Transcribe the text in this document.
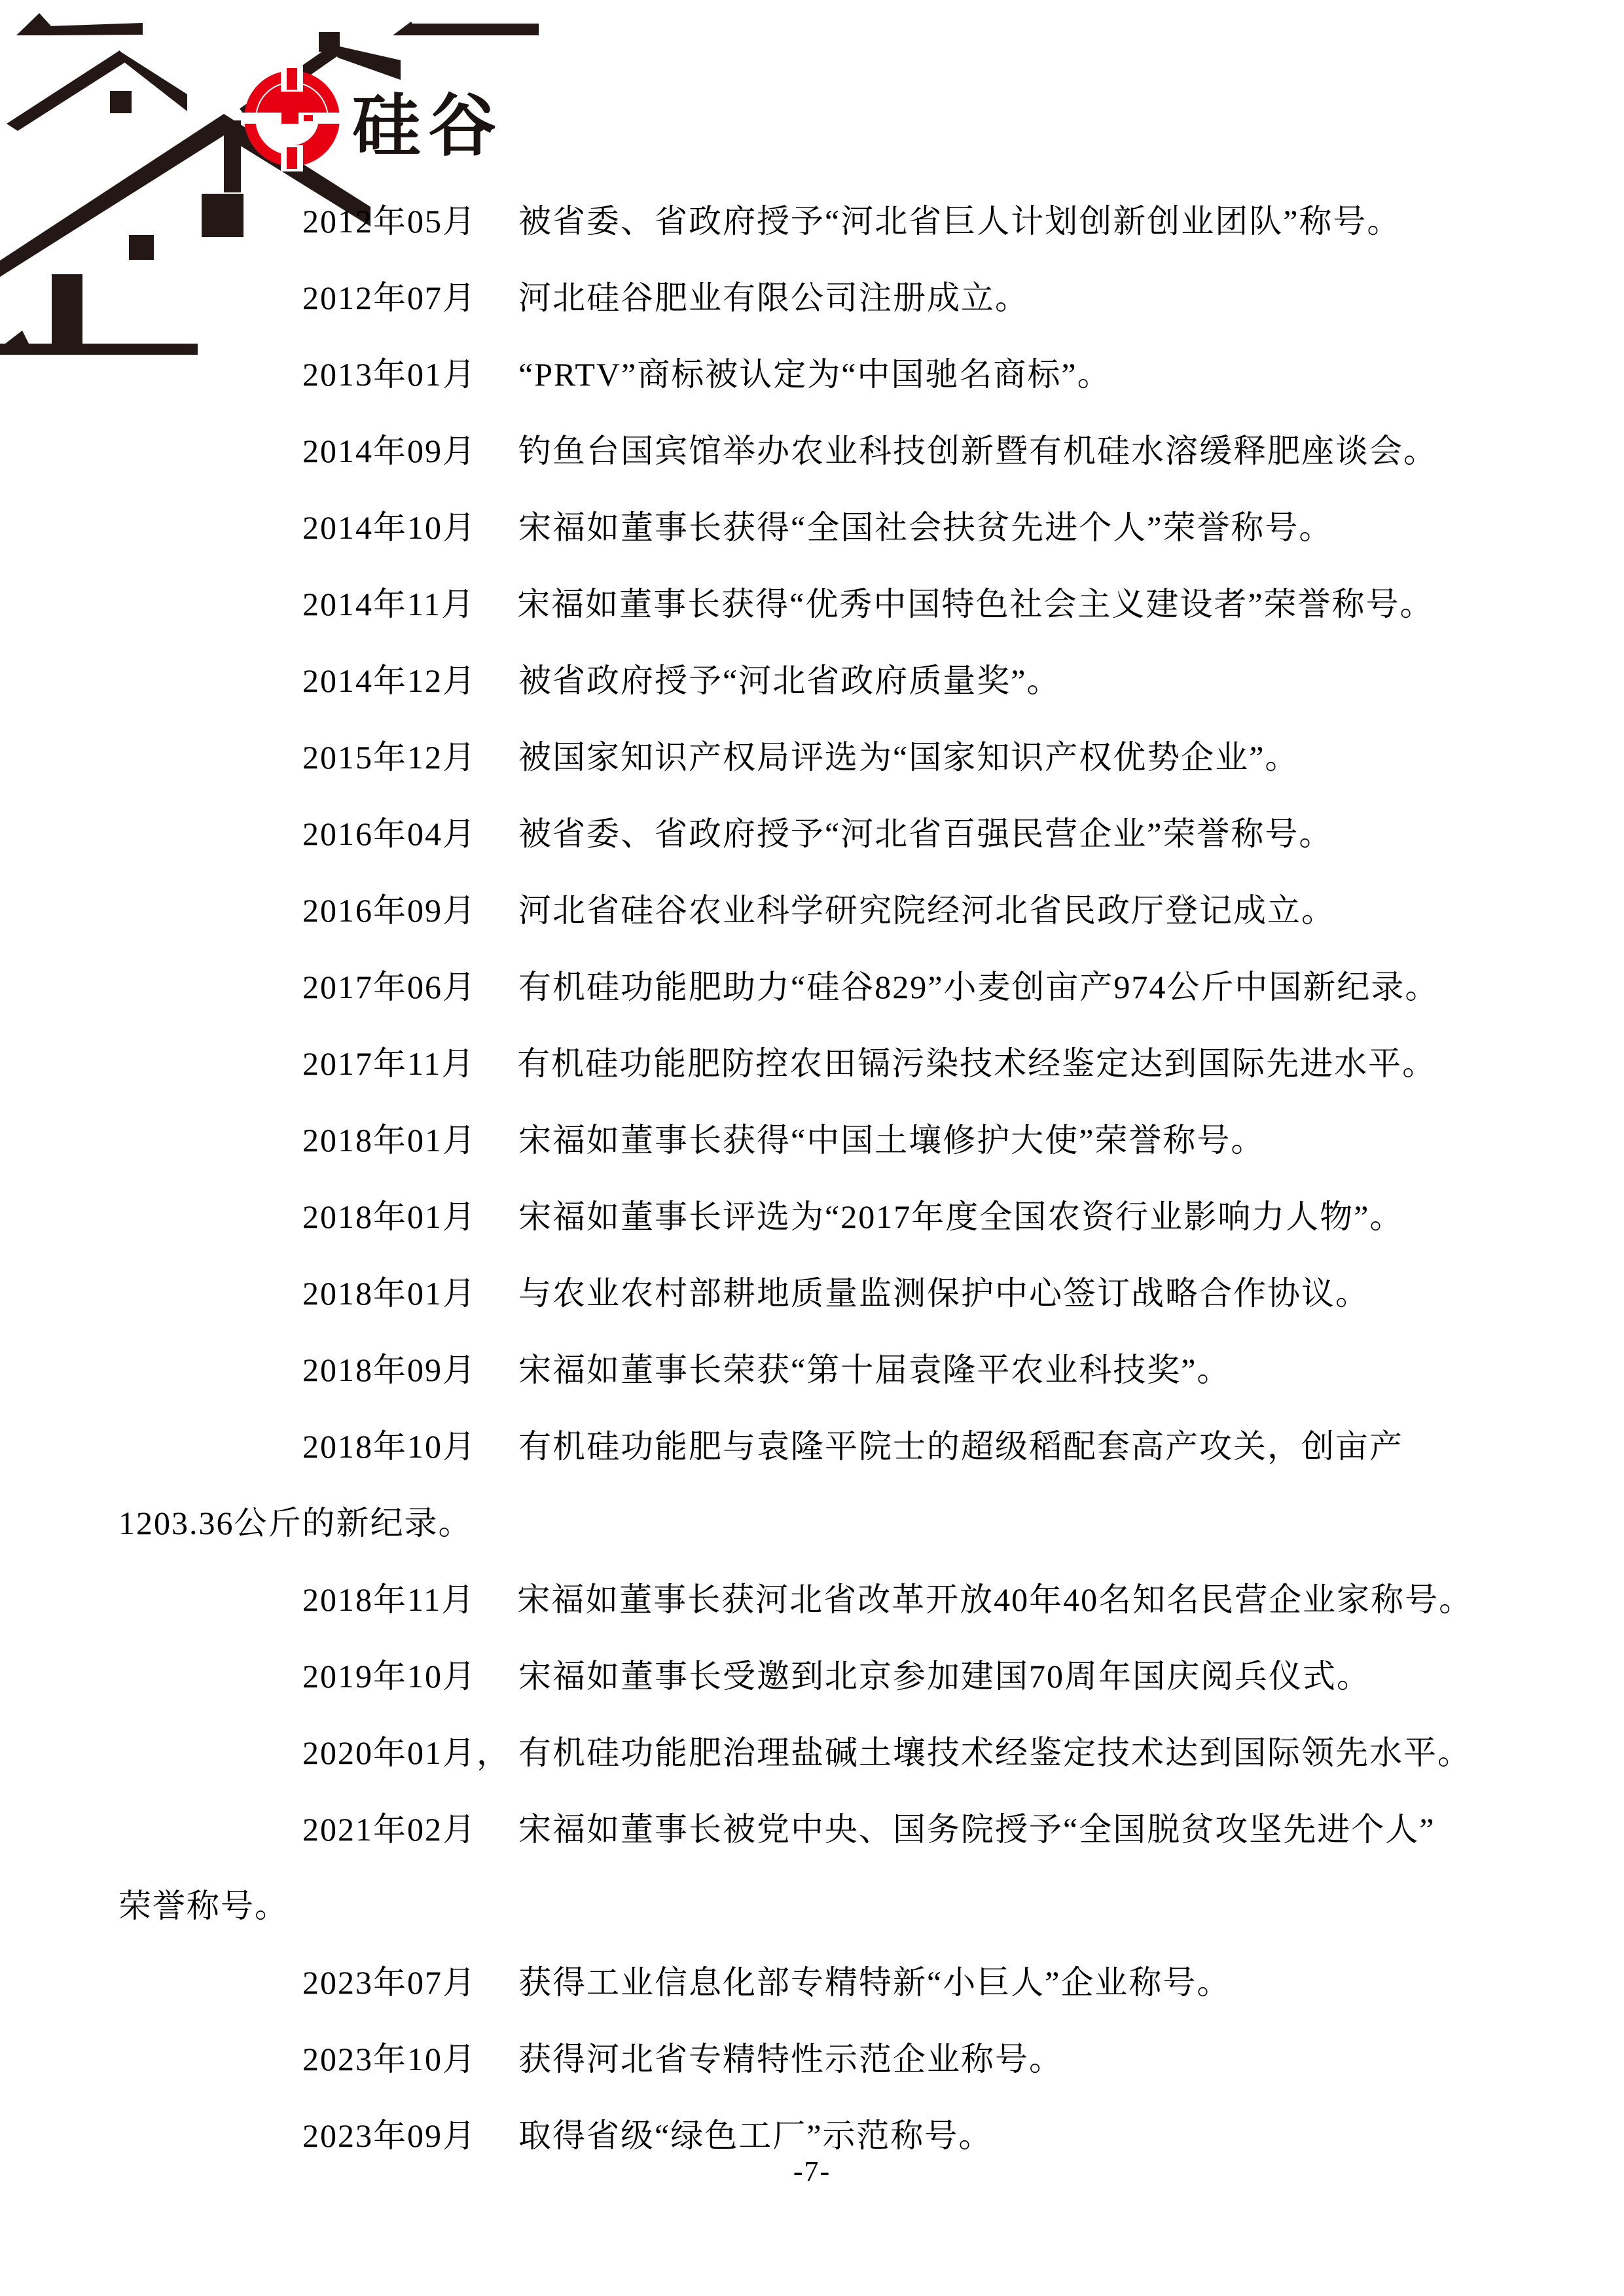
硅谷

2012年05月　 被省委、省政府授予“河北省巨人计划创新创业团队”称号。

2012年07月　 河北硅谷肥业有限公司注册成立。

2013年01月　 “PRTV”商标被认定为“中国驰名商标”。

2014年09月　 钓鱼台国宾馆举办农业科技创新暨有机硅水溶缓释肥座谈会。

2014年10月　 宋福如董事长获得“全国社会扶贫先进个人”荣誉称号。

2014年11月　 宋福如董事长获得“优秀中国特色社会主义建设者”荣誉称号。

2014年12月　 被省政府授予“河北省政府质量奖”。

2015年12月　 被国家知识产权局评选为“国家知识产权优势企业”。

2016年04月　 被省委、省政府授予“河北省百强民营企业”荣誉称号。

2016年09月　 河北省硅谷农业科学研究院经河北省民政厅登记成立。

2017年06月　 有机硅功能肥助力“硅谷829”小麦创亩产974公斤中国新纪录。

2017年11月　 有机硅功能肥防控农田镉污染技术经鉴定达到国际先进水平。

2018年01月　 宋福如董事长获得“中国土壤修护大使”荣誉称号。

2018年01月　 宋福如董事长评选为“2017年度全国农资行业影响力人物”。

2018年01月　 与农业农村部耕地质量监测保护中心签订战略合作协议。

2018年09月　 宋福如董事长荣获“第十届袁隆平农业科技奖”。

2018年10月　 有机硅功能肥与袁隆平院士的超级稻配套高产攻关，创亩产

1203.36公斤的新纪录。

2018年11月　 宋福如董事长获河北省改革开放40年40名知名民营企业家称号。

2019年10月　 宋福如董事长受邀到北京参加建国70周年国庆阅兵仪式。

2020年01月， 有机硅功能肥治理盐碱土壤技术经鉴定技术达到国际领先水平。

2021年02月　 宋福如董事长被党中央、国务院授予“全国脱贫攻坚先进个人”

荣誉称号。

2023年07月　 获得工业信息化部专精特新“小巨人”企业称号。

2023年10月　 获得河北省专精特性示范企业称号。

2023年09月　 取得省级“绿色工厂”示范称号。

-7-
